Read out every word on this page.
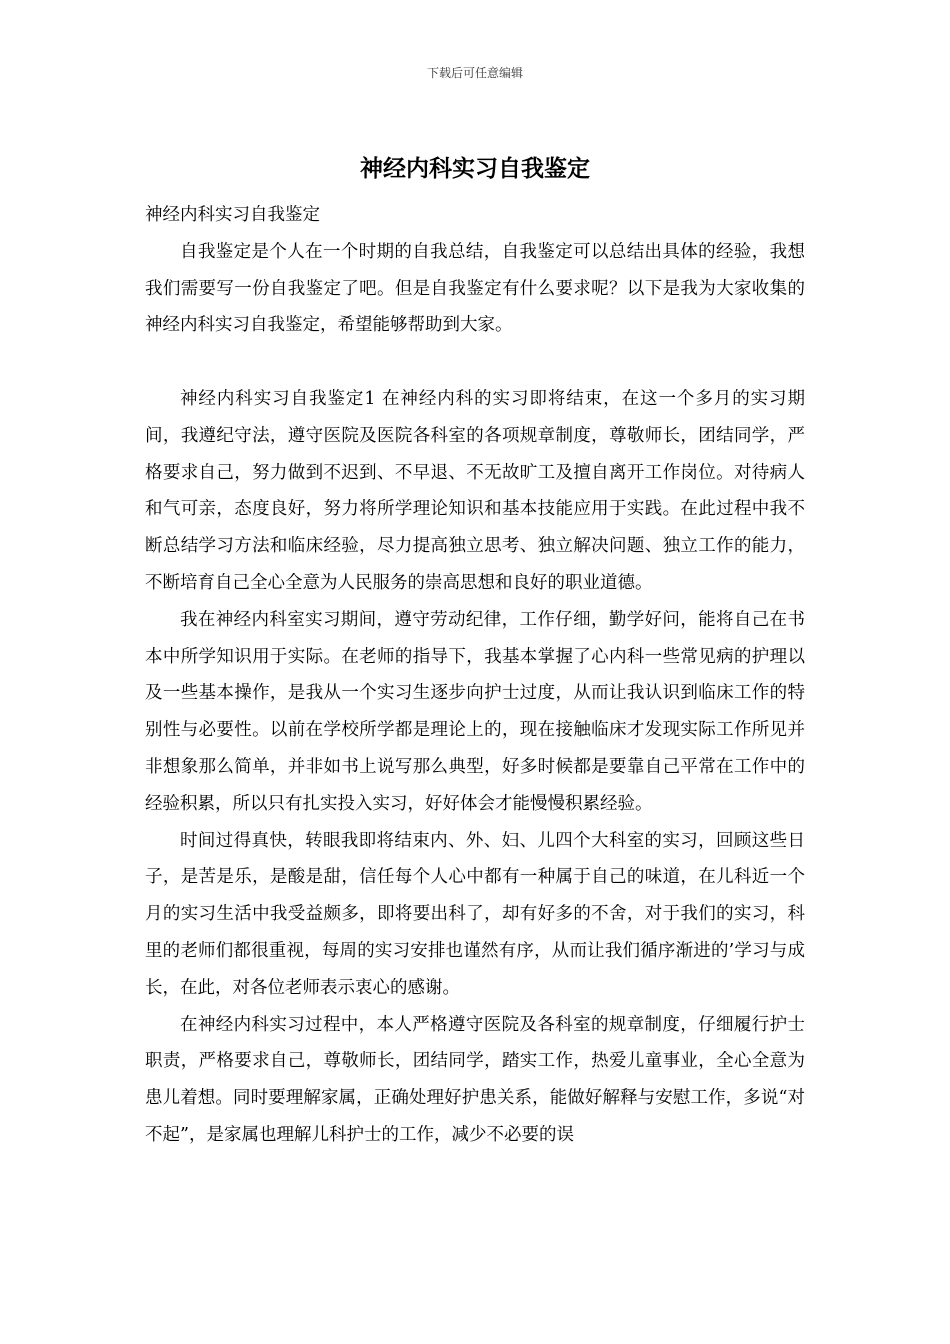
下载后可任意编辑
神经内科实习自我鉴定

神经内科实习自我鉴定

自我鉴定是个人在一个时期的自我总结，自我鉴定可以总结出具体的经验，我想我们需要写一份自我鉴定了吧。但是自我鉴定有什么要求呢？以下是我为大家收集的神经内科实习自我鉴定，希望能够帮助到大家。

神经内科实习自我鉴定1 在神经内科的实习即将结束，在这一个多月的实习期间，我遵纪守法，遵守医院及医院各科室的各项规章制度，尊敬师长，团结同学，严格要求自己，努力做到不迟到、不早退、不无故旷工及擅自离开工作岗位。对待病人和气可亲，态度良好，努力将所学理论知识和基本技能应用于实践。在此过程中我不断总结学习方法和临床经验，尽力提高独立思考、独立解决问题、独立工作的能力，不断培育自己全心全意为人民服务的崇高思想和良好的职业道德。

我在神经内科室实习期间，遵守劳动纪律，工作仔细，勤学好问，能将自己在书本中所学知识用于实际。在老师的指导下，我基本掌握了心内科一些常见病的护理以及一些基本操作，是我从一个实习生逐步向护士过度，从而让我认识到临床工作的特别性与必要性。以前在学校所学都是理论上的，现在接触临床才发现实际工作所见并非想象那么简单，并非如书上说写那么典型，好多时候都是要靠自己平常在工作中的经验积累，所以只有扎实投入实习，好好体会才能慢慢积累经验。

时间过得真快，转眼我即将结束内、外、妇、儿四个大科室的实习，回顾这些日子，是苦是乐，是酸是甜，信任每个人心中都有一种属于自己的味道，在儿科近一个月的实习生活中我受益颇多，即将要出科了，却有好多的不舍，对于我们的实习，科里的老师们都很重视，每周的实习安排也谨然有序，从而让我们循序渐进的’学习与成长，在此，对各位老师表示衷心的感谢。

在神经内科实习过程中，本人严格遵守医院及各科室的规章制度，仔细履行护士职责，严格要求自己，尊敬师长，团结同学，踏实工作，热爱儿童事业，全心全意为患儿着想。同时要理解家属，正确处理好护患关系，能做好解释与安慰工作，多说“对不起”，是家属也理解儿科护士的工作，减少不必要的误
